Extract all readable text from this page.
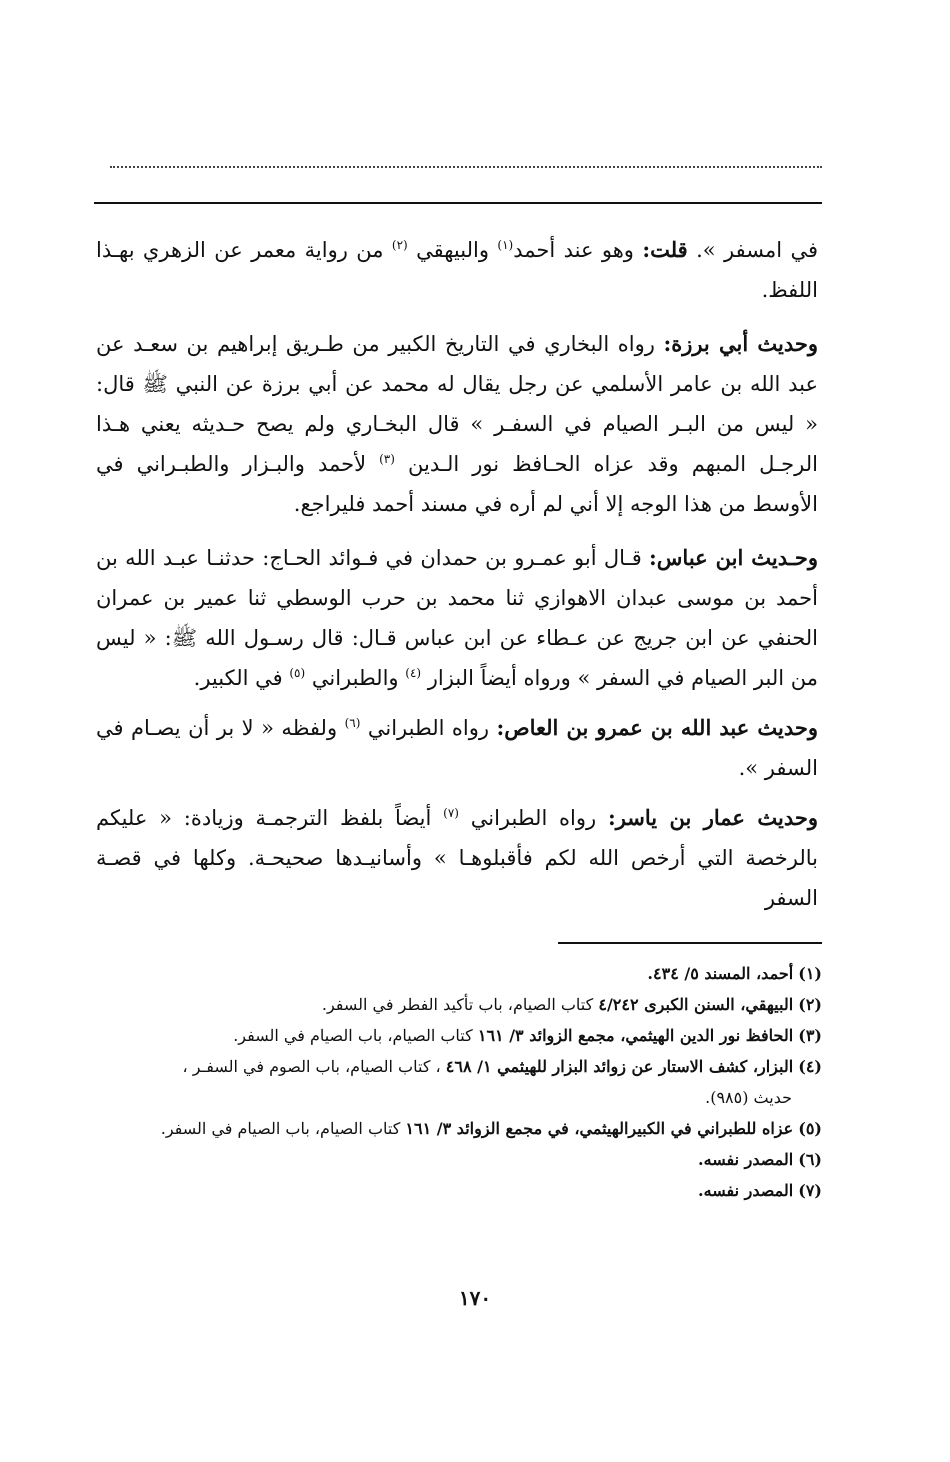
في امسفر ». قلت: وهو عند أحمد$^{(١)}$ والبيهقي $^{(٢)}$ من رواية معمر عن الزهري بهـذا اللفظ.

وحديث أبي برزة: رواه البخاري في التاريخ الكبير من طـريق إبراهيم بن سعـد عن عبد الله بن عامر الأسلمي عن رجل يقال له محمد عن أبي برزة عن النبي ﷺ قال: « ليس من البـر الصيام في السفـر » قال البخـاري ولم يصح حـديثه يعني هـذا الرجـل المبهم وقد عزاه الحـافظ نور الـدين $^{(٣)}$ لأحمد والبـزار والطبـراني في الأوسط من هذا الوجه إلا أني لم أره في مسند أحمد فليراجع.

وحـديث ابن عباس: قـال أبو عمـرو بن حمدان في فـوائد الحـاج: حدثنـا عبـد الله بن أحمد بن موسى عبدان الاهوازي ثنا محمد بن حرب الوسطي ثنا عمير بن عمران الحنفي عن ابن جريج عن عـطاء عن ابن عباس قـال: قال رسـول الله ﷺ: « ليس من البر الصيام في السفر » ورواه أيضاً البزار $^{(٤)}$ والطبراني $^{(٥)}$ في الكبير.

وحديث عبد الله بن عمرو بن العاص: رواه الطبراني $^{(٦)}$ ولفظه « لا بر أن يصـام في السفر ».

وحديث عمار بن ياسر: رواه الطبراني $^{(٧)}$ أيضاً بلفظ الترجمـة وزيادة: « عليكم بالرخصة التي أرخص الله لكم فأقبلوهـا » وأسانيـدها صحيحـة. وكلها في قصـة السفر

(١) أحمد، المسند ٥/ ٤٣٤.

(٢) البيهقي، السنن الكبرى ٤/٢٤٢ كتاب الصيام، باب تأكيد الفطر في السفر.

(٣) الحافظ نور الدين الهيثمي، مجمع الزوائد ٣/ ١٦١ كتاب الصيام، باب الصيام في السفر.

(٤) البزار، كشف الاستار عن زوائد البزار للهيثمي ١/ ٤٦٨ ، كتاب الصيام، باب الصوم في السفـر ،
حديث (٩٨٥).

(٥) عزاه للطبراني في الكبيرالهيثمي، في مجمع الزوائد ٣/ ١٦١ كتاب الصيام، باب الصيام في السفر.

(٦) المصدر نفسه.

(٧) المصدر نفسه.

١٧٠
